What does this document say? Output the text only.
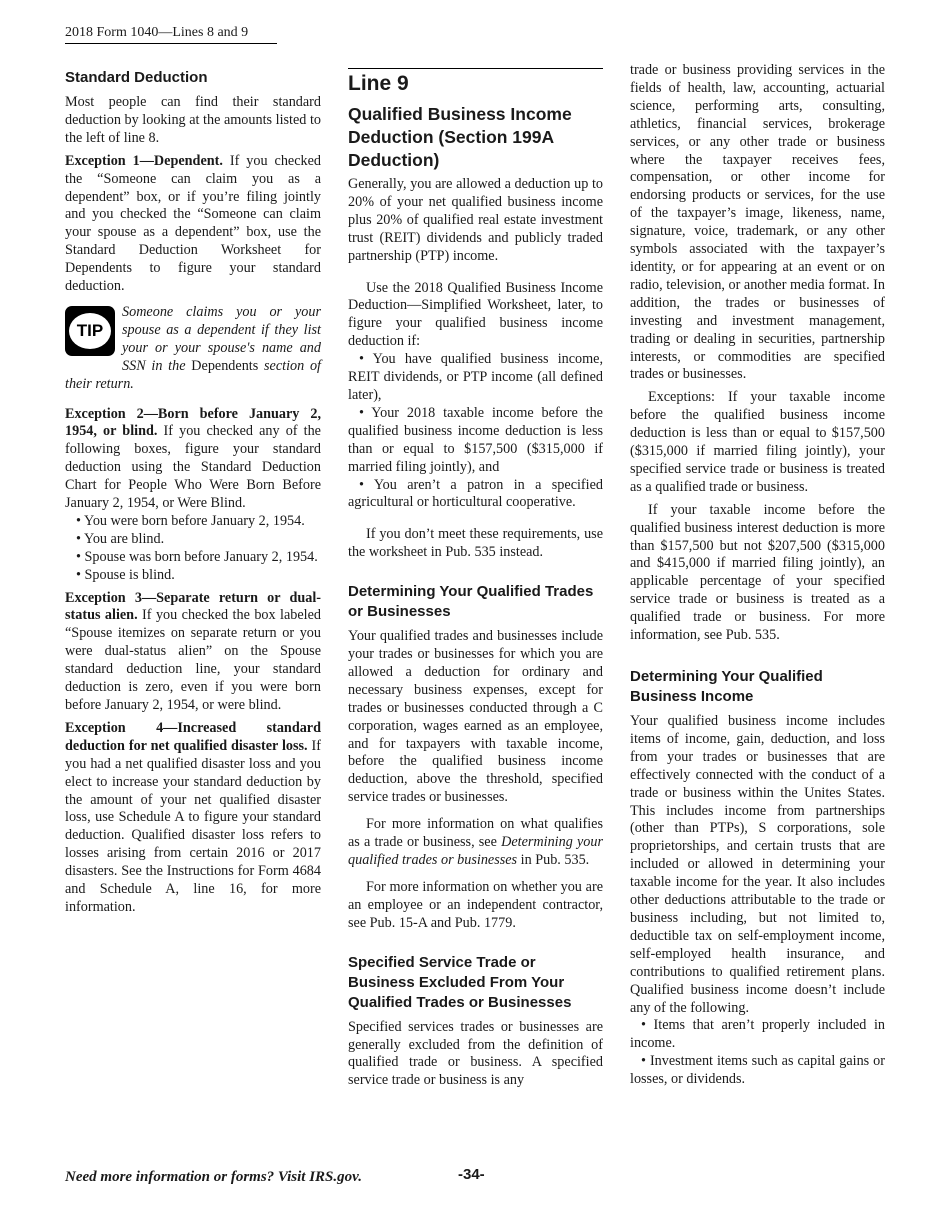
2018 Form 1040—Lines 8 and 9
Standard Deduction

Most people can find their standard deduction by looking at the amounts listed to the left of line 8.

Exception 1—Dependent. If you checked the “Someone can claim you as a dependent” box, or if you’re filing jointly and you checked the “Someone can claim your spouse as a dependent” box, use the Standard Deduction Worksheet for Dependents to figure your standard deduction.

TIP
Someone claims you or your spouse as a dependent if they list your or your spouse's name and SSN in the Dependents section of their return.

Exception 2—Born before January 2, 1954, or blind. If you checked any of the following boxes, figure your standard deduction using the Standard Deduction Chart for People Who Were Born Before January 2, 1954, or Were Blind.

• You were born before January 2, 1954.

• You are blind.

• Spouse was born before January 2, 1954.

• Spouse is blind.

Exception 3—Separate return or dual-status alien. If you checked the box labeled “Spouse itemizes on separate return or you were dual-status alien” on the Spouse standard deduction line, your standard deduction is zero, even if you were born before January 2, 1954, or were blind.

Exception 4—Increased standard deduction for net qualified disaster loss. If you had a net qualified disaster loss and you elect to increase your standard deduction by the amount of your net qualified disaster loss, use Schedule A to figure your standard deduction. Qualified disaster loss refers to losses arising from certain 2016 or 2017 disasters. See the Instructions for Form 4684 and Schedule A, line 16, for more information.

Line 9
Qualified Business Income Deduction (Section 199A Deduction)

Generally, you are allowed a deduction up to 20% of your net qualified business income plus 20% of qualified real estate investment trust (REIT) dividends and publicly traded partnership (PTP) income.

Use the 2018 Qualified Business Income Deduction—Simplified Worksheet, later, to figure your qualified business income deduction if:

• You have qualified business income, REIT dividends, or PTP income (all defined later),

• Your 2018 taxable income before the qualified business income deduction is less than or equal to $157,500 ($315,000 if married filing jointly), and

• You aren’t a patron in a specified agricultural or horticultural cooperative.

If you don’t meet these requirements, use the worksheet in Pub. 535 instead.

Determining Your Qualified Trades or Businesses

Your qualified trades and businesses include your trades or businesses for which you are allowed a deduction for ordinary and necessary business expenses, except for trades or businesses conducted through a C corporation, wages earned as an employee, and for taxpayers with taxable income, before the qualified business income deduction, above the threshold, specified service trades or businesses.

For more information on what qualifies as a trade or business, see Determining your qualified trades or businesses in Pub. 535.

For more information on whether you are an employee or an independent contractor, see Pub. 15-A and Pub. 1779.

Specified Service Trade or Business Excluded From Your Qualified Trades or Businesses

Specified services trades or businesses are generally excluded from the definition of qualified trade or business. A specified service trade or business is any

trade or business providing services in the fields of health, law, accounting, actuarial science, performing arts, consulting, athletics, financial services, brokerage services, or any other trade or business where the taxpayer receives fees, compensation, or other income for endorsing products or services, for the use of the taxpayer’s image, likeness, name, signature, voice, trademark, or any other symbols associated with the taxpayer’s identity, or for appearing at an event or on radio, television, or another media format. In addition, the trades or businesses of investing and investment management, trading or dealing in securities, partnership interests, or commodities are specified trades or businesses.

Exceptions: If your taxable income before the qualified business income deduction is less than or equal to $157,500 ($315,000 if married filing jointly), your specified service trade or business is treated as a qualified trade or business.

If your taxable income before the qualified business interest deduction is more than $157,500 but not $207,500 ($315,000 and $415,000 if married filing jointly), an applicable percentage of your specified service trade or business is treated as a qualified trade or business. For more information, see Pub. 535.

Determining Your Qualified Business Income

Your qualified business income includes items of income, gain, deduction, and loss from your trades or businesses that are effectively connected with the conduct of a trade or business within the Unites States. This includes income from partnerships (other than PTPs), S corporations, sole proprietorships, and certain trusts that are included or allowed in determining your taxable income for the year. It also includes other deductions attributable to the trade or business including, but not limited to, deductible tax on self-employment income, self-employed health insurance, and contributions to qualified retirement plans. Qualified business income doesn’t include any of the following.

• Items that aren’t properly included in income.

• Investment items such as capital gains or losses, or dividends.

Need more information or forms? Visit IRS.gov.	-34-
